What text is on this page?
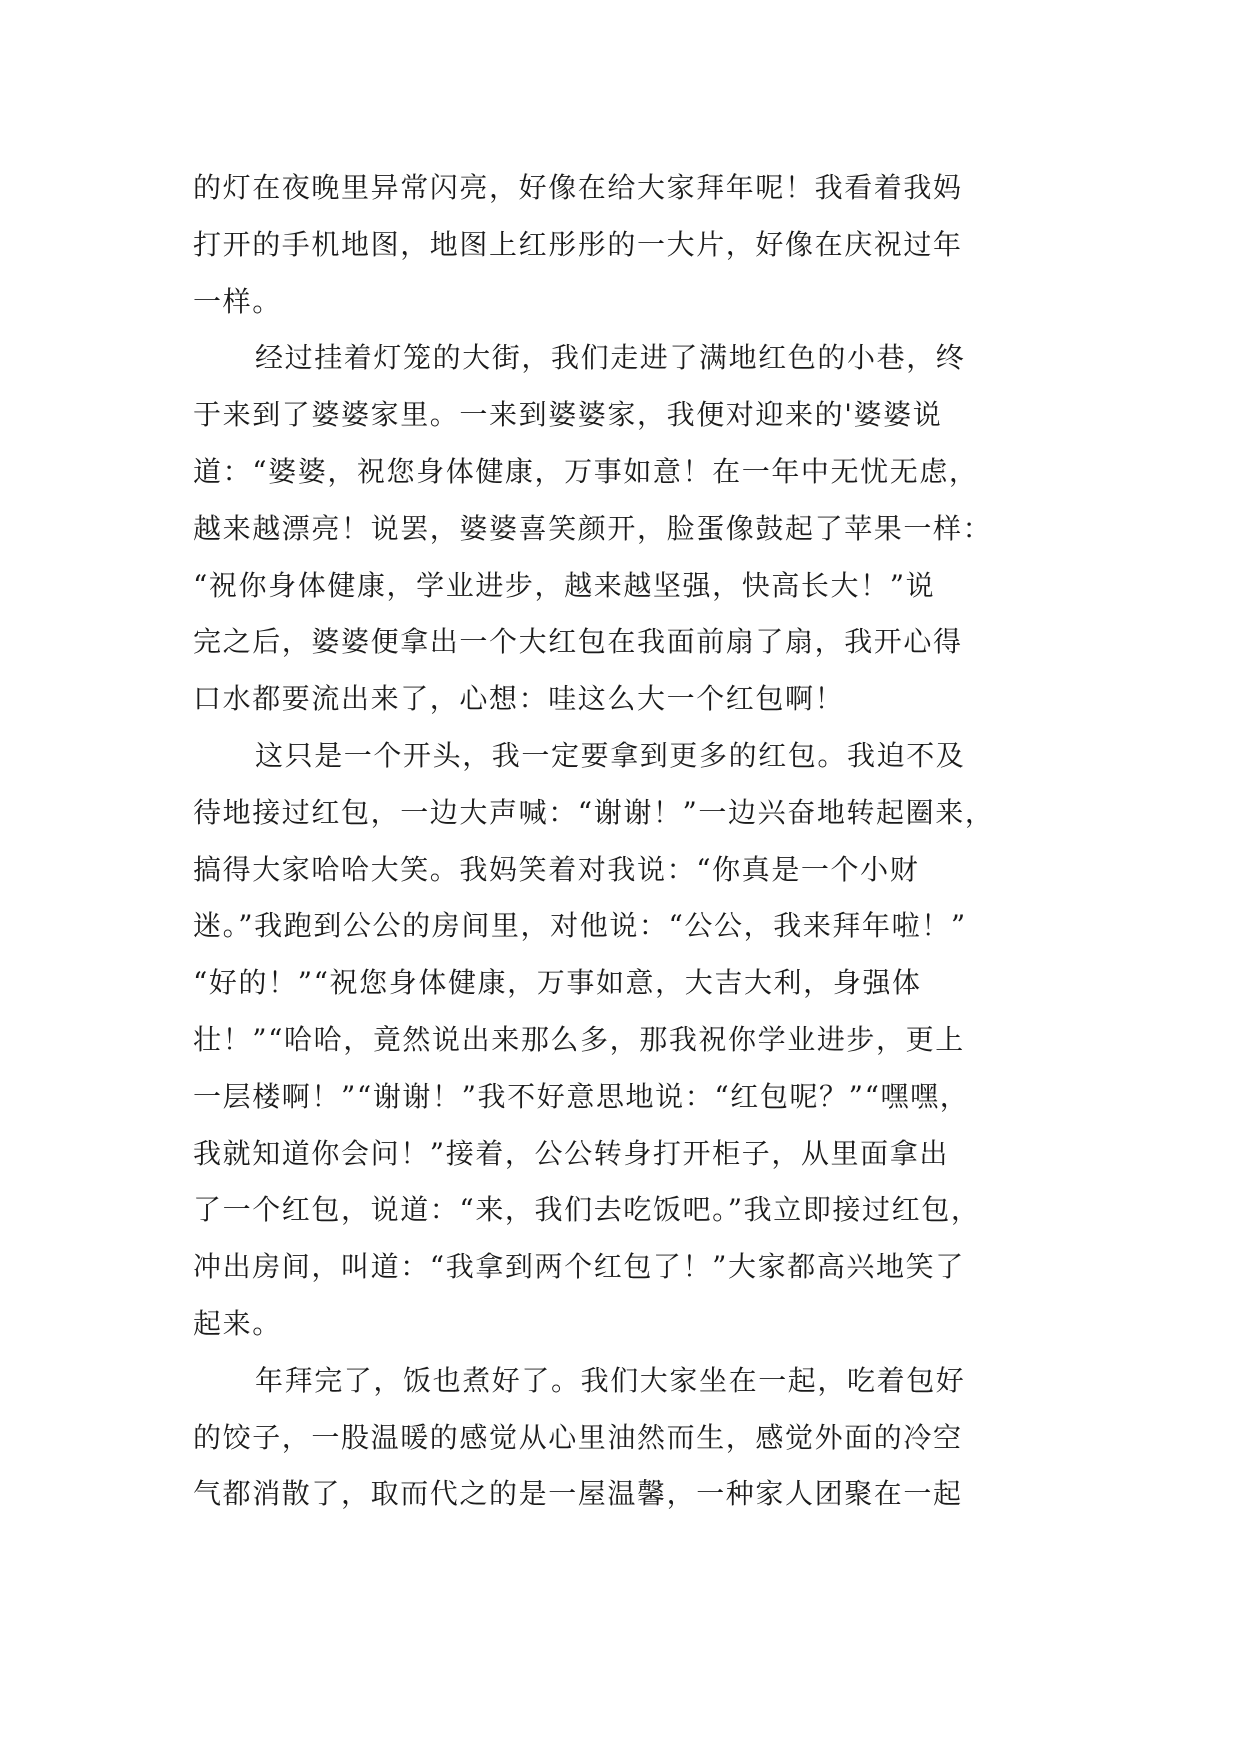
的灯在夜晚里异常闪亮，好像在给大家拜年呢！我看着我妈
打开的手机地图，地图上红彤彤的一大片，好像在庆祝过年
一样。
经过挂着灯笼的大街，我们走进了满地红色的小巷，终
于来到了婆婆家里。一来到婆婆家，我便对迎来的'婆婆说
道：“婆婆，祝您身体健康，万事如意！在一年中无忧无虑，
越来越漂亮！说罢，婆婆喜笑颜开，脸蛋像鼓起了苹果一样：
“祝你身体健康，学业进步，越来越坚强，快高长大！”说
完之后，婆婆便拿出一个大红包在我面前扇了扇，我开心得
口水都要流出来了，心想：哇这么大一个红包啊！
这只是一个开头，我一定要拿到更多的红包。我迫不及
待地接过红包，一边大声喊：“谢谢！”一边兴奋地转起圈来，
搞得大家哈哈大笑。我妈笑着对我说：“你真是一个小财
迷。”我跑到公公的房间里，对他说：“公公，我来拜年啦！”
“好的！”“祝您身体健康，万事如意，大吉大利，身强体
壮！”“哈哈，竟然说出来那么多，那我祝你学业进步，更上
一层楼啊！”“谢谢！”我不好意思地说：“红包呢？”“嘿嘿，
我就知道你会问！”接着，公公转身打开柜子，从里面拿出
了一个红包，说道：“来，我们去吃饭吧。”我立即接过红包，
冲出房间，叫道：“我拿到两个红包了！”大家都高兴地笑了
起来。
年拜完了，饭也煮好了。我们大家坐在一起，吃着包好
的饺子，一股温暖的感觉从心里油然而生，感觉外面的冷空
气都消散了，取而代之的是一屋温馨，一种家人团聚在一起
